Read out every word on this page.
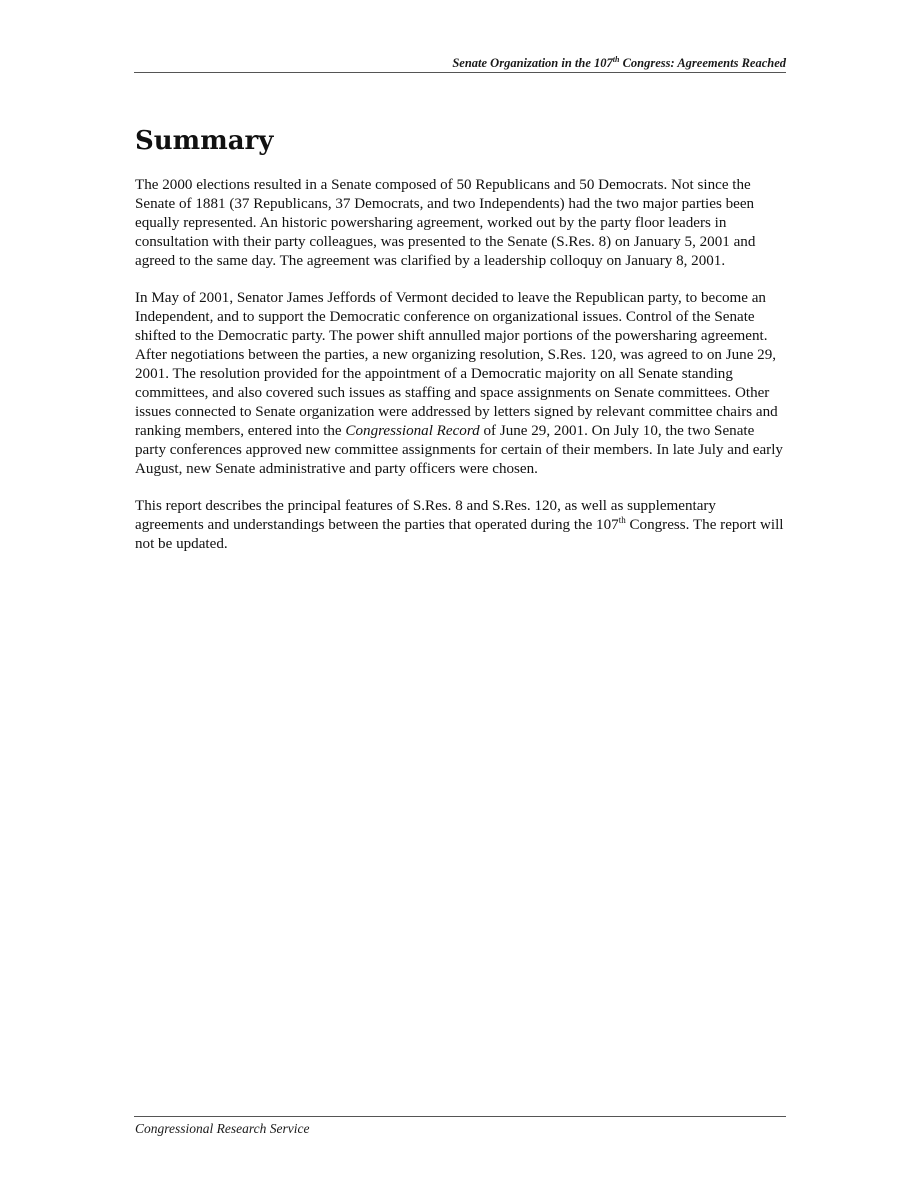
Senate Organization in the 107th Congress: Agreements Reached
Summary

The 2000 elections resulted in a Senate composed of 50 Republicans and 50 Democrats. Not since the Senate of 1881 (37 Republicans, 37 Democrats, and two Independents) had the two major parties been equally represented. An historic powersharing agreement, worked out by the party floor leaders in consultation with their party colleagues, was presented to the Senate (S.Res. 8) on January 5, 2001 and agreed to the same day. The agreement was clarified by a leadership colloquy on January 8, 2001.

In May of 2001, Senator James Jeffords of Vermont decided to leave the Republican party, to become an Independent, and to support the Democratic conference on organizational issues. Control of the Senate shifted to the Democratic party. The power shift annulled major portions of the powersharing agreement. After negotiations between the parties, a new organizing resolution, S.Res. 120, was agreed to on June 29, 2001. The resolution provided for the appointment of a Democratic majority on all Senate standing committees, and also covered such issues as staffing and space assignments on Senate committees. Other issues connected to Senate organization were addressed by letters signed by relevant committee chairs and ranking members, entered into the Congressional Record of June 29, 2001. On July 10, the two Senate party conferences approved new committee assignments for certain of their members. In late July and early August, new Senate administrative and party officers were chosen.

This report describes the principal features of S.Res. 8 and S.Res. 120, as well as supplementary agreements and understandings between the parties that operated during the 107th Congress. The report will not be updated.

Congressional Research Service
